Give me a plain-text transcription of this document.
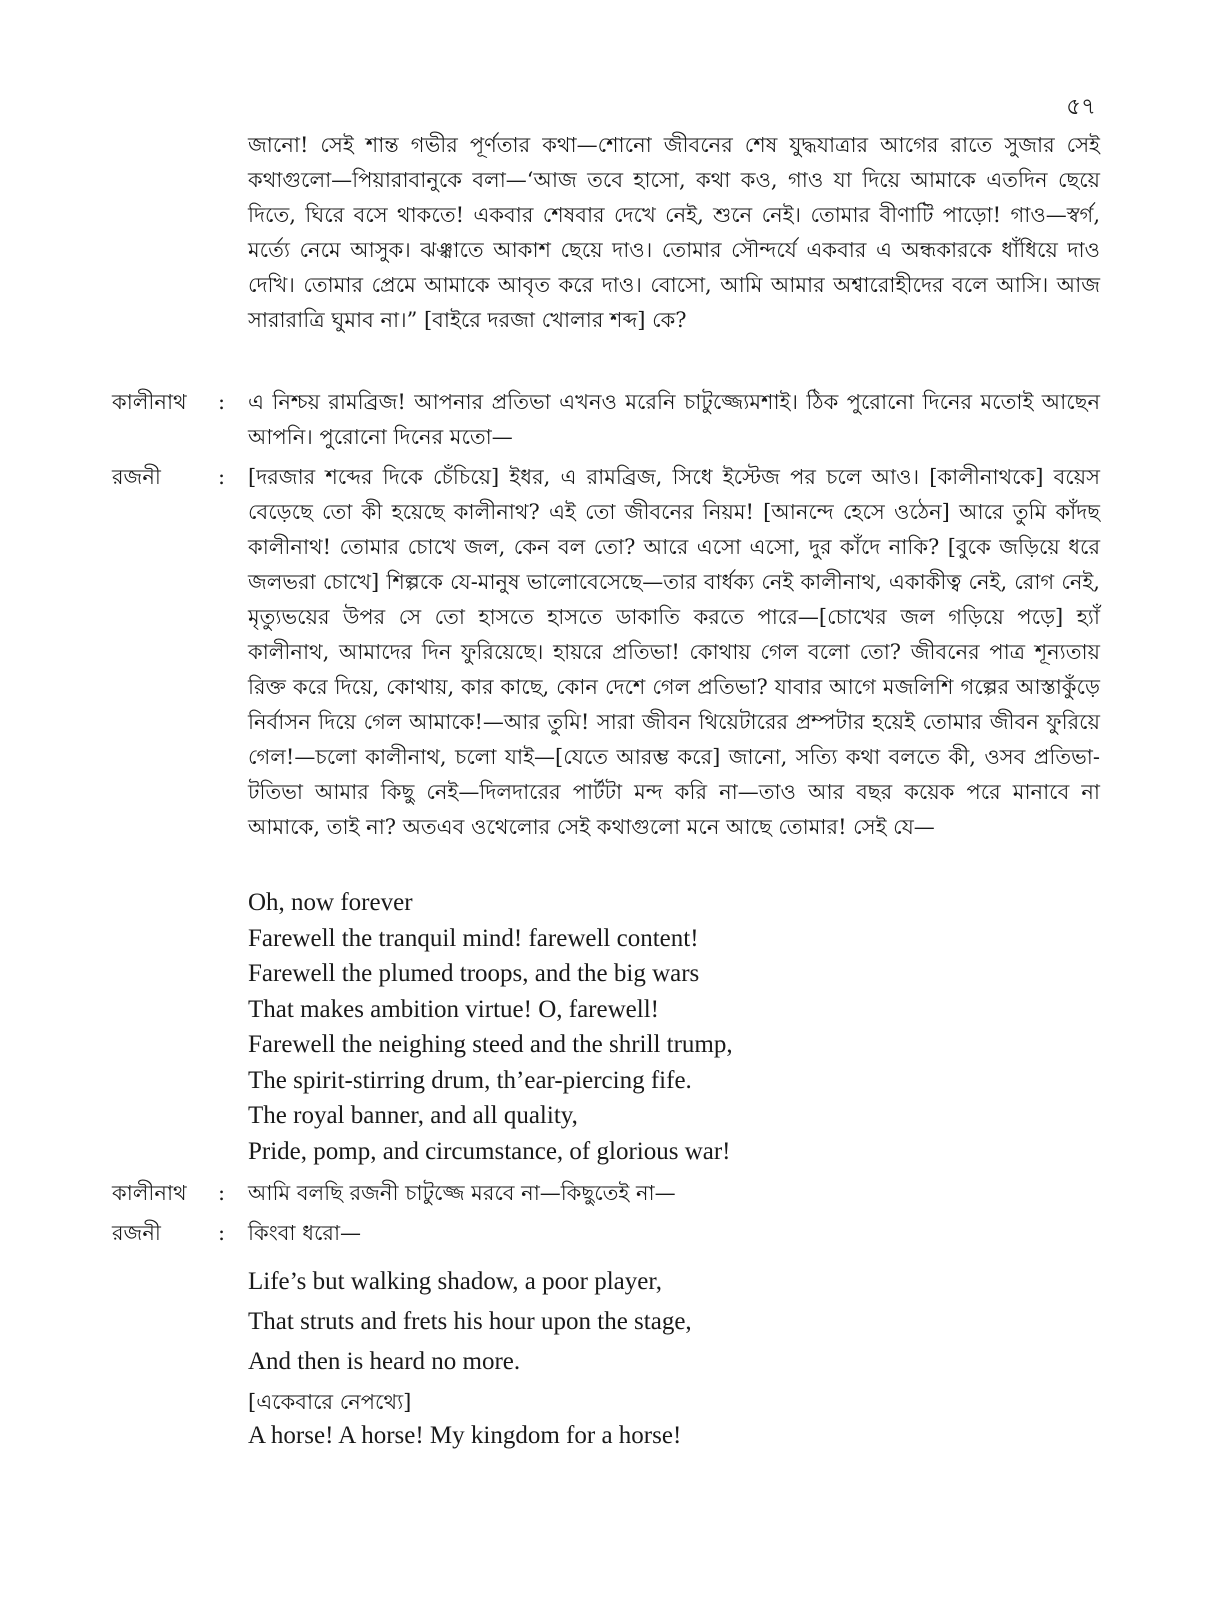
৫৭
জানো! সেই শান্ত গভীর পূর্ণতার কথা—শোনো জীবনের শেষ যুদ্ধযাত্রার আগের রাতে সুজার সেই কথাগুলো—পিয়ারাবানুকে বলা—‘আজ তবে হাসো, কথা কও, গাও যা দিয়ে আমাকে এতদিন ছেয়ে দিতে, ঘিরে বসে থাকতে! একবার শেষবার দেখে নেই, শুনে নেই। তোমার বীণাটি পাড়ো! গাও—স্বর্গ, মর্ত্যে নেমে আসুক। ঝঞ্ঝাতে আকাশ ছেয়ে দাও। তোমার সৌন্দর্যে একবার এ অন্ধকারকে ধাঁধিয়ে দাও দেখি। তোমার প্রেমে আমাকে আবৃত করে দাও। বোসো, আমি আমার অশ্বারোহীদের বলে আসি। আজ সারারাত্রি ঘুমাব না।” [বাইরে দরজা খোলার শব্দ] কে?
কালীনাথ	: এ নিশ্চয় রামব্রিজ! আপনার প্রতিভা এখনও মরেনি চাটুজ্জ্যেমশাই। ঠিক পুরোনো দিনের মতোই আছেন আপনি। পুরোনো দিনের মতো—
রজনী	: [দরজার শব্দের দিকে চেঁচিয়ে] ইধর, এ রামব্রিজ, সিধে ইস্টেজ পর চলে আও। [কালীনাথকে] বয়েস বেড়েছে তো কী হয়েছে কালীনাথ? এই তো জীবনের নিয়ম! [আনন্দে হেসে ওঠেন] আরে তুমি কাঁদছ কালীনাথ! তোমার চোখে জল, কেন বল তো? আরে এসো এসো, দুর কাঁদে নাকি? [বুকে জড়িয়ে ধরে জলভরা চোখে] শিল্পকে যে-মানুষ ভালোবেসেছে—তার বার্ধক্য নেই কালীনাথ, একাকীত্ব নেই, রোগ নেই, মৃত্যুভয়ের উপর সে তো হাসতে হাসতে ডাকাতি করতে পারে—[চোখের জল গড়িয়ে পড়ে] হ্যাঁ কালীনাথ, আমাদের দিন ফুরিয়েছে। হায়রে প্রতিভা! কোথায় গেল বলো তো? জীবনের পাত্র শূন্যতায় রিক্ত করে দিয়ে, কোথায়, কার কাছে, কোন দেশে গেল প্রতিভা? যাবার আগে মজলিশি গল্পের আস্তাকুঁড়ে নির্বাসন দিয়ে গেল আমাকে!—আর তুমি! সারা জীবন থিয়েটারের প্রম্পটার হয়েই তোমার জীবন ফুরিয়ে গেল!—চলো কালীনাথ, চলো যাই—[যেতে আরম্ভ করে] জানো, সত্যি কথা বলতে কী, ওসব প্রতিভা-টতিভা আমার কিছু নেই—দিলদারের পার্টটা মন্দ করি না—তাও আর বছর কয়েক পরে মানাবে না আমাকে, তাই না? অতএব ওথেলোর সেই কথাগুলো মনে আছে তোমার! সেই যে—
Oh, now forever
Farewell the tranquil mind! farewell content!
Farewell the plumed troops, and the big wars
That makes ambition virtue! O, farewell!
Farewell the neighing steed and the shrill trump,
The spirit-stirring drum, th’ear-piercing fife.
The royal banner, and all quality,
Pride, pomp, and circumstance, of glorious war!
কালীনাথ	: আমি বলছি রজনী চাটুজ্জে মরবে না—কিছুতেই না—
রজনী	: কিংবা ধরো—
Life’s but walking shadow, a poor player,
That struts and frets his hour upon the stage,
And then is heard no more.
[একেবারে নেপথ্যে]
A horse! A horse! My kingdom for a horse!
